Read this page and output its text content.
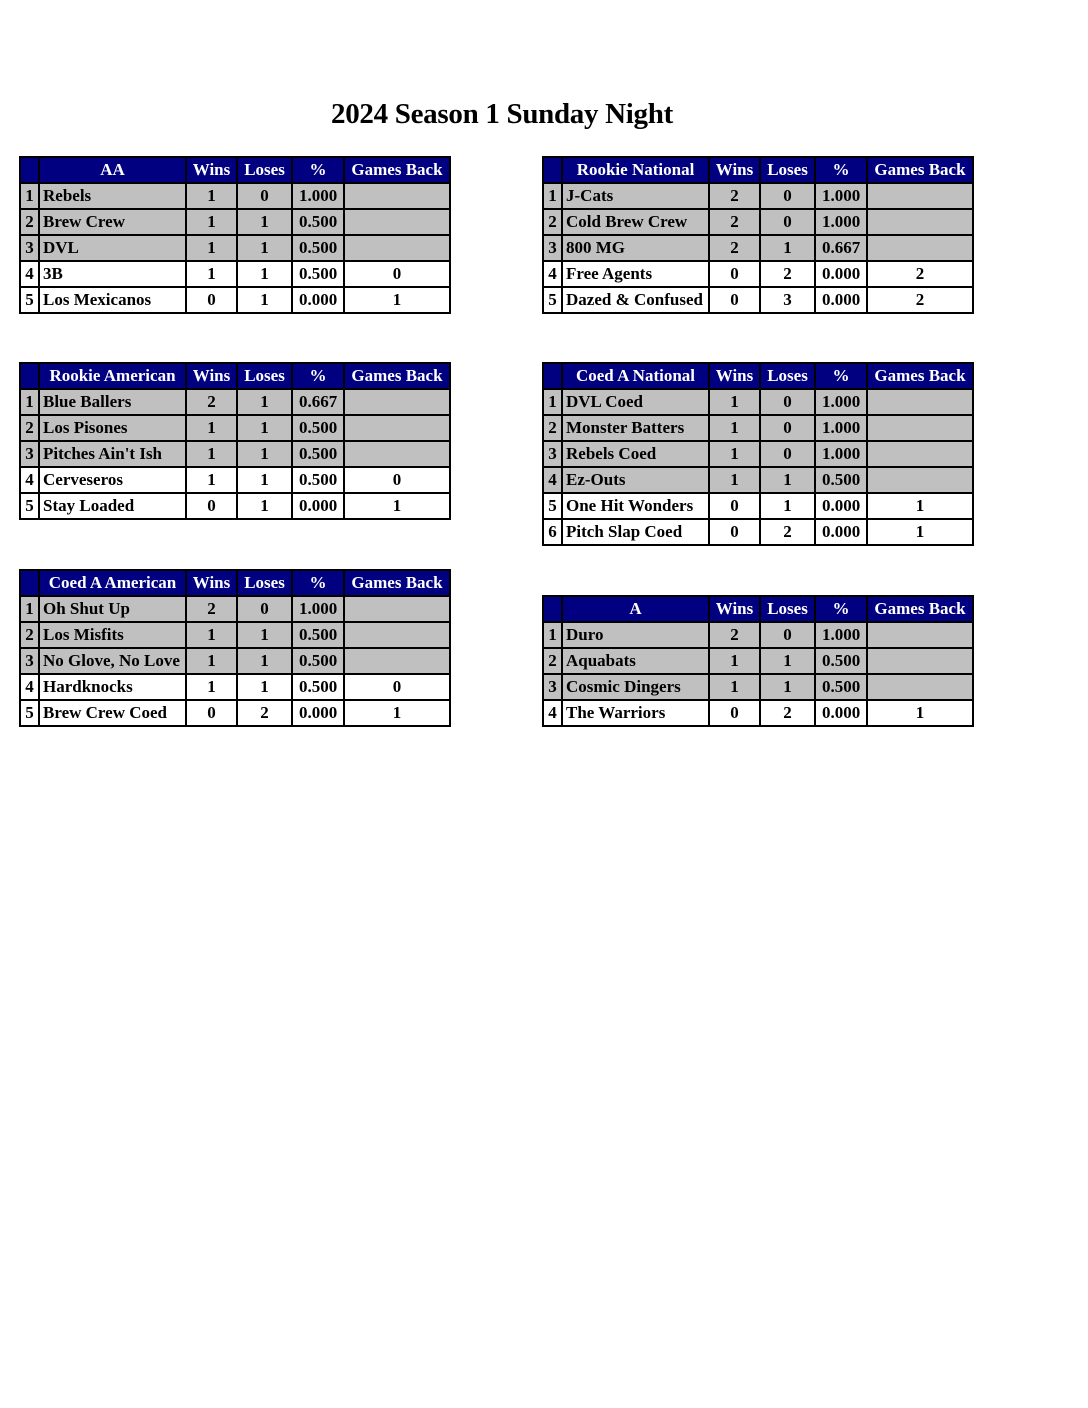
2024 Season 1 Sunday Night
	AA	Wins	Loses	%	Games Back
1	Rebels	1	0	1.000	
2	Brew Crew	1	1	0.500	
3	DVL	1	1	0.500	
4	3B	1	1	0.500	0
5	Los Mexicanos	0	1	0.000	1
	Rookie National	Wins	Loses	%	Games Back
1	J-Cats	2	0	1.000	
2	Cold Brew Crew	2	0	1.000	
3	800 MG	2	1	0.667	
4	Free Agents	0	2	0.000	2
5	Dazed & Confused	0	3	0.000	2
	Rookie American	Wins	Loses	%	Games Back
1	Blue Ballers	2	1	0.667	
2	Los Pisones	1	1	0.500	
3	Pitches Ain't Ish	1	1	0.500	
4	Cerveseros	1	1	0.500	0
5	Stay Loaded	0	1	0.000	1
	Coed A National	Wins	Loses	%	Games Back
1	DVL Coed	1	0	1.000	
2	Monster Batters	1	0	1.000	
3	Rebels Coed	1	0	1.000	
4	Ez-Outs	1	1	0.500	
5	One Hit Wonders	0	1	0.000	1
6	Pitch Slap Coed	0	2	0.000	1
	Coed A American	Wins	Loses	%	Games Back
1	Oh Shut Up	2	0	1.000	
2	Los Misfits	1	1	0.500	
3	No Glove, No Love	1	1	0.500	
4	Hardknocks	1	1	0.500	0
5	Brew Crew Coed	0	2	0.000	1
	A	Wins	Loses	%	Games Back
1	Duro	2	0	1.000	
2	Aquabats	1	1	0.500	
3	Cosmic Dingers	1	1	0.500	
4	The Warriors	0	2	0.000	1
